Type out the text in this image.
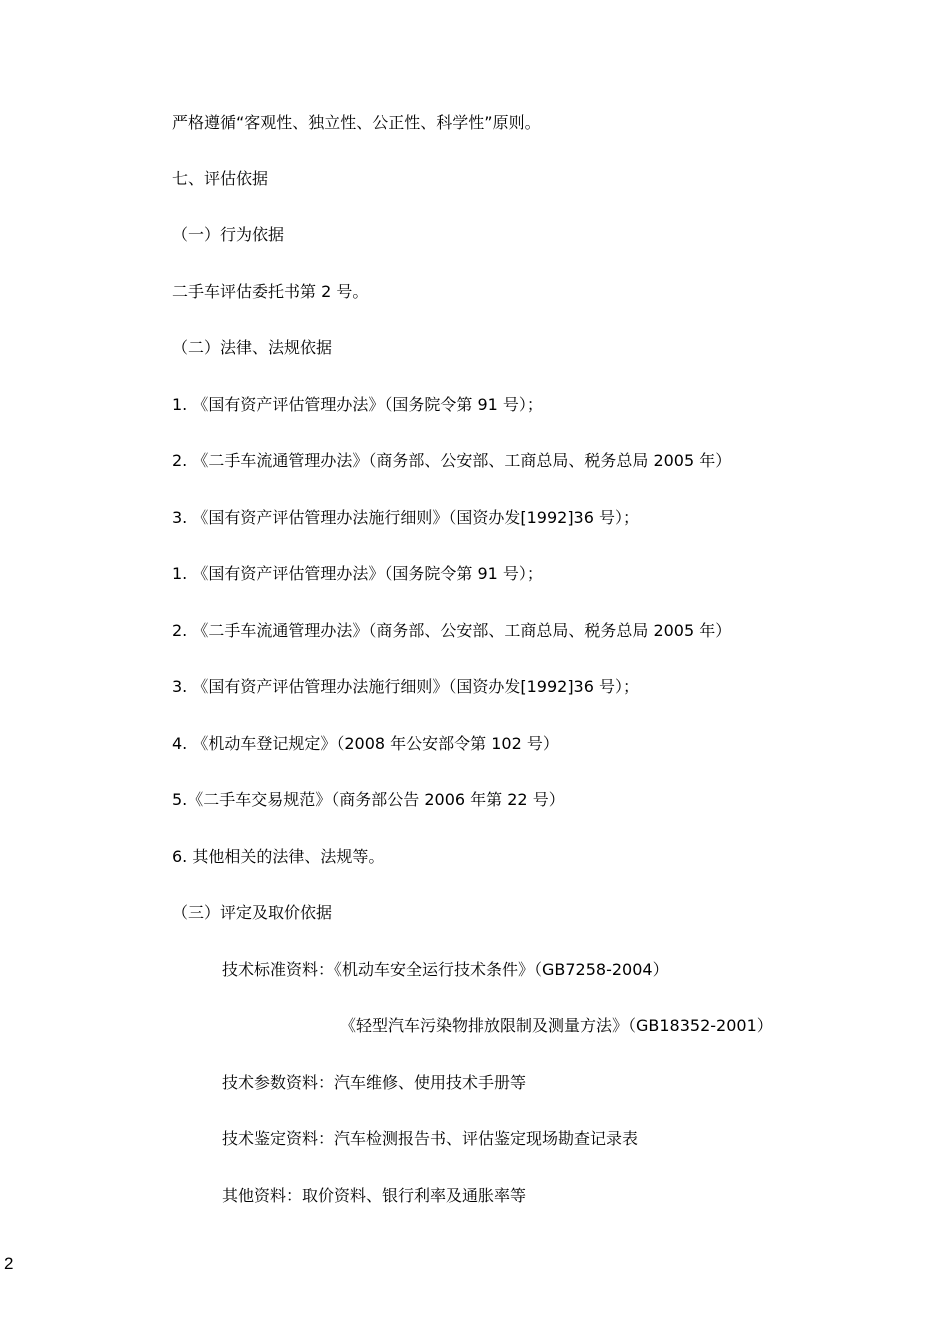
严格遵循“客观性、独立性、公正性、科学性”原则。
七、评估依据
（一）行为依据
二手车评估委托书第 2 号。
（二）法律、法规依据
1. 《国有资产评估管理办法》（国务院令第 91 号）；
2. 《二手车流通管理办法》（商务部、公安部、工商总局、税务总局 2005 年）
3. 《国有资产评估管理办法施行细则》（国资办发[1992]36 号）；
1. 《国有资产评估管理办法》（国务院令第 91 号）；
2. 《二手车流通管理办法》（商务部、公安部、工商总局、税务总局 2005 年）
3. 《国有资产评估管理办法施行细则》（国资办发[1992]36 号）；
4. 《机动车登记规定》（2008 年公安部令第 102 号）
5.《二手车交易规范》（商务部公告 2006 年第 22 号）
6. 其他相关的法律、法规等。
（三）评定及取价依据
技术标准资料：《机动车安全运行技术条件》（GB7258-2004）
《轻型汽车污染物排放限制及测量方法》（GB18352-2001）
技术参数资料：汽车维修、使用技术手册等
技术鉴定资料：汽车检测报告书、评估鉴定现场勘查记录表
其他资料：取价资料、银行利率及通胀率等
2
